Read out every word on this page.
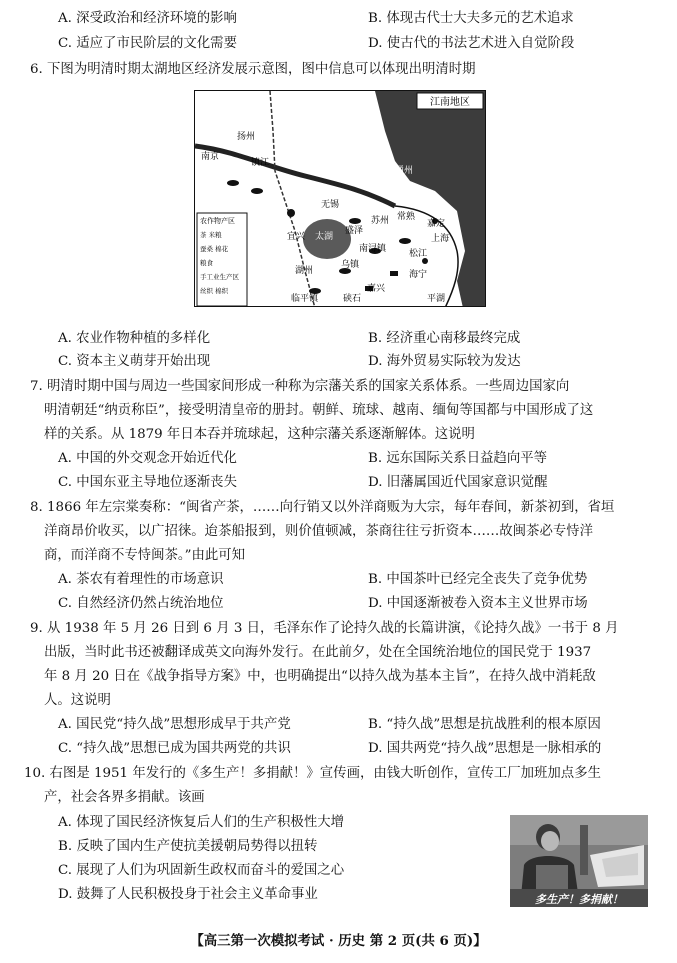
A. 深受政治和经济环境的影响	B. 体现古代士大夫多元的艺术追求
C. 适应了市民阶层的文化需要	D. 使古代的书法艺术进入自觉阶段
6. 下图为明清时期太湖地区经济发展示意图，图中信息可以体现出明清时期
江南地区
农作物产区
茶 米粮
蚕桑 棉花
粮食
手工业生产区
丝织 棉织
扬州
南京
镇江
通州
无锡
宜兴 太湖
苏州 常熟
湖州
乌镇
南浔镇	松江
上海
嘉兴
嘉定
海宁
临平镇	硖石	平湖
盛泽
A. 农业作物种植的多样化	B. 经济重心南移最终完成
C. 资本主义萌芽开始出现	D. 海外贸易实际较为发达
7. 明清时期中国与周边一些国家间形成一种称为宗藩关系的国家关系体系。一些周边国家向
明清朝廷“纳贡称臣”，接受明清皇帝的册封。朝鲜、琉球、越南、缅甸等国都与中国形成了这
样的关系。从 1879 年日本吞并琉球起，这种宗藩关系逐渐解体。这说明
A. 中国的外交观念开始近代化	B. 远东国际关系日益趋向平等
C. 中国东亚主导地位逐渐丧失	D. 旧藩属国近代国家意识觉醒
8. 1866 年左宗棠奏称：“闽省产茶，……向行销又以外洋商贩为大宗，每年春间，新茶初到，省垣
洋商昂价收买，以广招徕。迨茶船报到，则价值顿减，茶商往往亏折资本……故闽茶必专恃洋
商，而洋商不专恃闽茶。”由此可知
A. 茶农有着理性的市场意识	B. 中国茶叶已经完全丧失了竞争优势
C. 自然经济仍然占统治地位	D. 中国逐渐被卷入资本主义世界市场
9. 从 1938 年 5 月 26 日到 6 月 3 日，毛泽东作了论持久战的长篇讲演，《论持久战》一书于 8 月
出版，当时此书还被翻译成英文向海外发行。在此前夕，处在全国统治地位的国民党于 1937
年 8 月 20 日在《战争指导方案》中，也明确提出“以持久战为基本主旨”，在持久战中消耗敌
人。这说明
A. 国民党“持久战”思想形成早于共产党	B. “持久战”思想是抗战胜利的根本原因
C. “持久战”思想已成为国共两党的共识	D. 国共两党“持久战”思想是一脉相承的
10. 右图是 1951 年发行的《多生产！多捐献！》宣传画，由钱大昕创作，宣传工厂加班加点多生
产，社会各界多捐献。该画
A. 体现了国民经济恢复后人们的生产积极性大增
B. 反映了国内生产使抗美援朝局势得以扭转
C. 展现了人们为巩固新生政权而奋斗的爱国之心
D. 鼓舞了人民积极投身于社会主义革命事业	多生产！多捐献！
【高三第一次模拟考试 · 历史 第 2 页(共 6 页)】
